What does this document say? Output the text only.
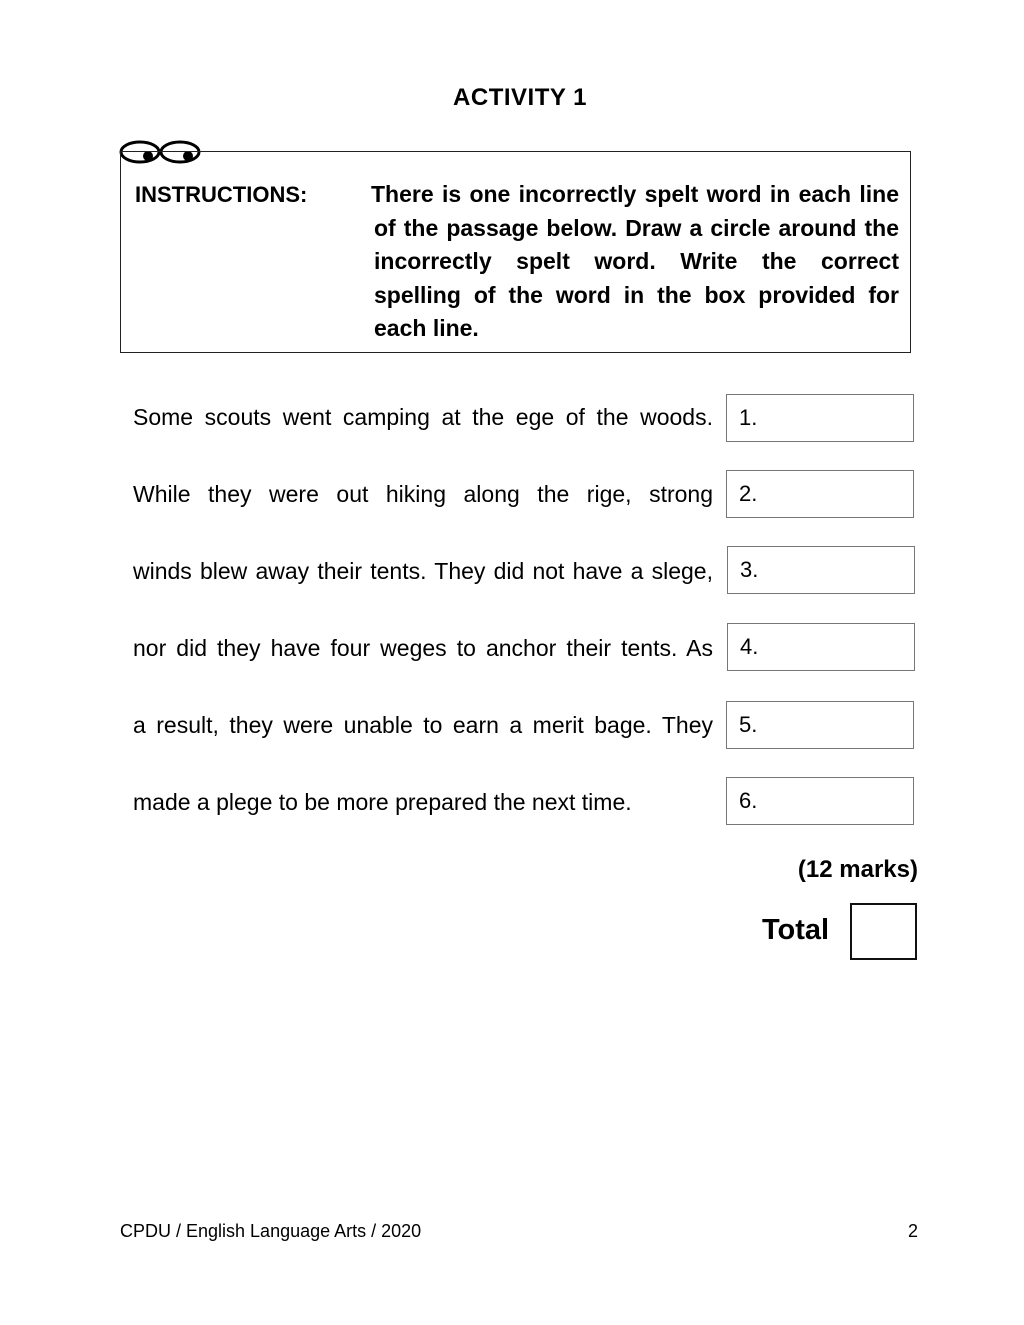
ACTIVITY 1
INSTRUCTIONS:	There is one incorrectly spelt word in each line of the passage below. Draw a circle around the incorrectly spelt word. Write the correct spelling of the word in the box provided for each line.
Some scouts went camping at the ege of the woods.
While they were out hiking along the rige, strong
winds blew away their tents. They did not have a slege,
nor did they have four weges to anchor their tents. As
a result, they were unable to earn a merit bage. They
made a plege to be more prepared the next time.
1.
2.
3.
4.
5.
6.
(12 marks)
Total
CPDU / English Language Arts / 2020	2
